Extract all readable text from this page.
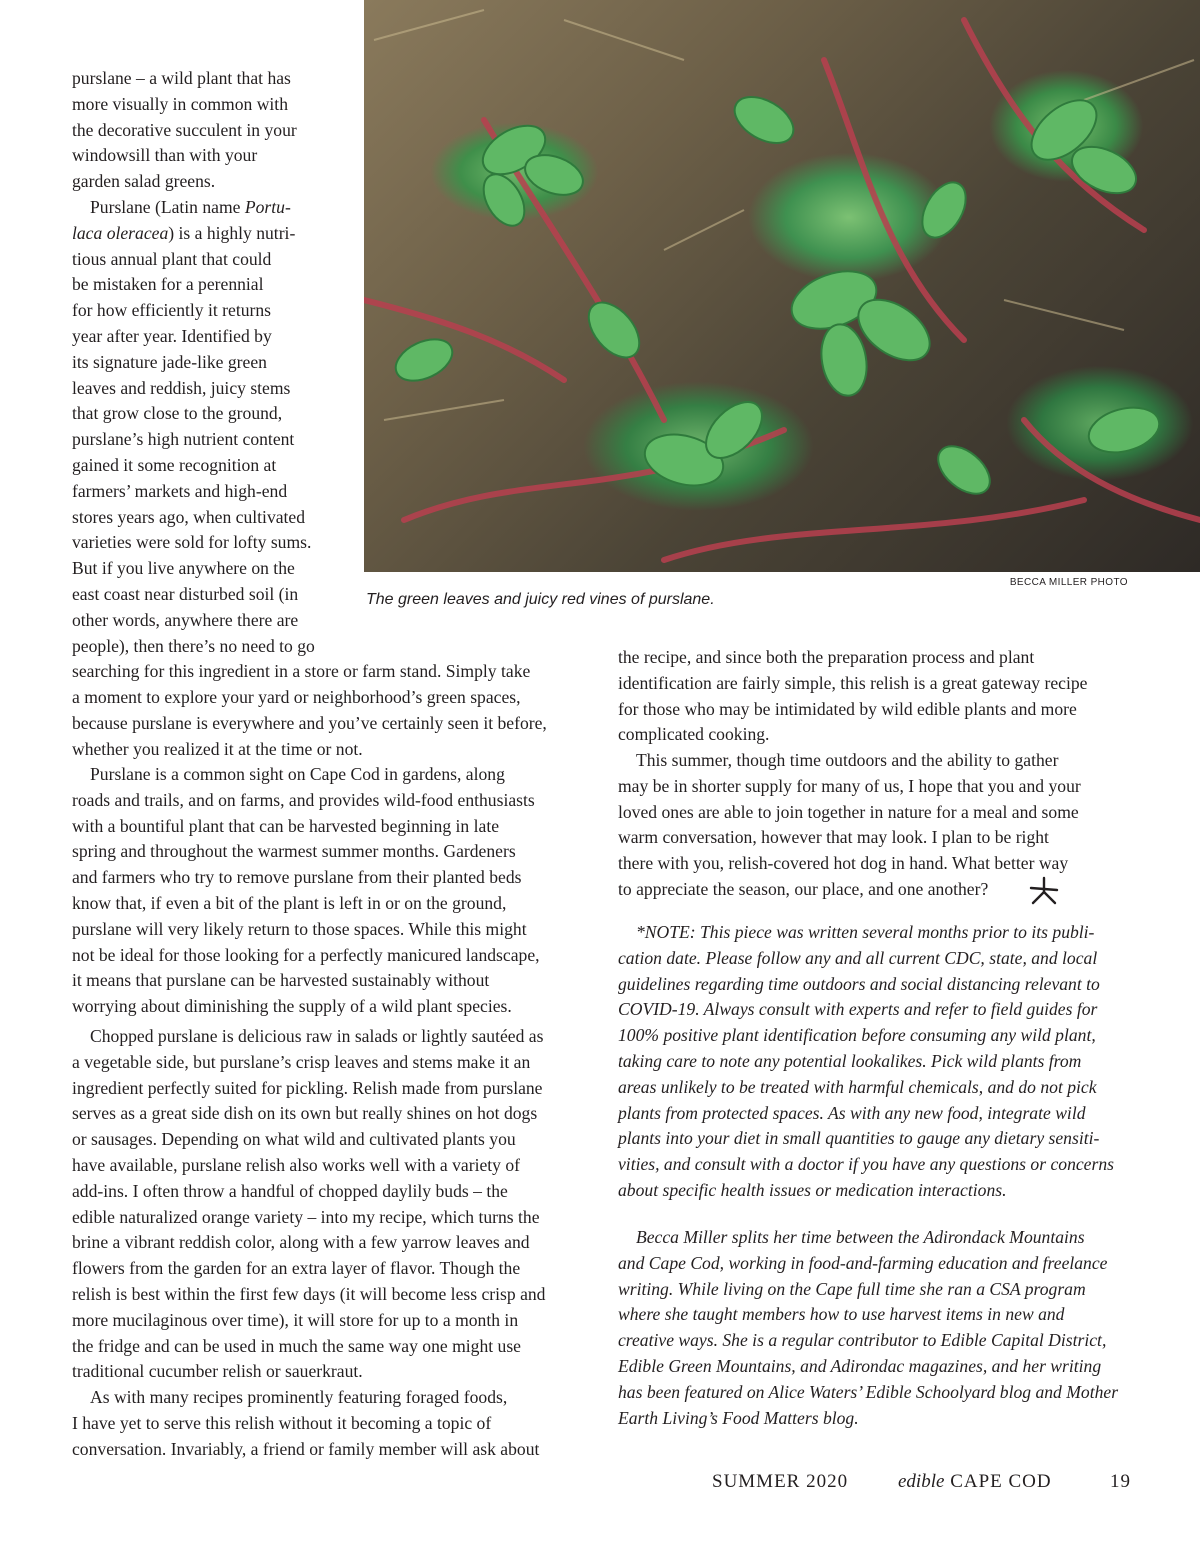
BECCA MILLER PHOTO

The green leaves and juicy red vines of purslane.

purslane – a wild plant that has
more visually in common with
the decorative succulent in your
windowsill than with your
garden salad greens.

Purslane (Latin name Portu-
laca oleracea) is a highly nutri-
tious annual plant that could
be mistaken for a perennial
for how efficiently it returns
year after year. Identified by
its signature jade-like green
leaves and reddish, juicy stems
that grow close to the ground,
purslane’s high nutrient content
gained it some recognition at
farmers’ markets and high-end
stores years ago, when cultivated
varieties were sold for lofty sums.
But if you live anywhere on the
east coast near disturbed soil (in
other words, anywhere there are
people), then there’s no need to go
searching for this ingredient in a store or farm stand. Simply take
a moment to explore your yard or neighborhood’s green spaces,
because purslane is everywhere and you’ve certainly seen it before,
whether you realized it at the time or not.

Purslane is a common sight on Cape Cod in gardens, along
roads and trails, and on farms, and provides wild-food enthusiasts
with a bountiful plant that can be harvested beginning in late
spring and throughout the warmest summer months. Gardeners
and farmers who try to remove purslane from their planted beds
know that, if even a bit of the plant is left in or on the ground,
purslane will very likely return to those spaces. While this might
not be ideal for those looking for a perfectly manicured landscape,
it means that purslane can be harvested sustainably without
worrying about diminishing the supply of a wild plant species.

Chopped purslane is delicious raw in salads or lightly sautéed as
a vegetable side, but purslane’s crisp leaves and stems make it an
ingredient perfectly suited for pickling. Relish made from purslane
serves as a great side dish on its own but really shines on hot dogs
or sausages. Depending on what wild and cultivated plants you
have available, purslane relish also works well with a variety of
add-ins. I often throw a handful of chopped daylily buds – the
edible naturalized orange variety – into my recipe, which turns the
brine a vibrant reddish color, along with a few yarrow leaves and
flowers from the garden for an extra layer of flavor. Though the
relish is best within the first few days (it will become less crisp and
more mucilaginous over time), it will store for up to a month in
the fridge and can be used in much the same way one might use
traditional cucumber relish or sauerkraut.

As with many recipes prominently featuring foraged foods,
I have yet to serve this relish without it becoming a topic of
conversation. Invariably, a friend or family member will ask about

the recipe, and since both the preparation process and plant
identification are fairly simple, this relish is a great gateway recipe
for those who may be intimidated by wild edible plants and more
complicated cooking.

This summer, though time outdoors and the ability to gather
may be in shorter supply for many of us, I hope that you and your
loved ones are able to join together in nature for a meal and some
warm conversation, however that may look. I plan to be right
there with you, relish-covered hot dog in hand. What better way
to appreciate the season, our place, and one another?

*NOTE: This piece was written several months prior to its publi-
cation date. Please follow any and all current CDC, state, and local
guidelines regarding time outdoors and social distancing relevant to
COVID-19. Always consult with experts and refer to field guides for
100% positive plant identification before consuming any wild plant,
taking care to note any potential lookalikes. Pick wild plants from
areas unlikely to be treated with harmful chemicals, and do not pick
plants from protected spaces. As with any new food, integrate wild
plants into your diet in small quantities to gauge any dietary sensiti-
vities, and consult with a doctor if you have any questions or concerns
about specific health issues or medication interactions.

Becca Miller splits her time between the Adirondack Mountains
and Cape Cod, working in food-and-farming education and freelance
writing. While living on the Cape full time she ran a CSA program
where she taught members how to use harvest items in new and
creative ways. She is a regular contributor to Edible Capital District,
Edible Green Mountains, and Adirondac magazines, and her writing
has been featured on Alice Waters’ Edible Schoolyard blog and Mother
Earth Living’s Food Matters blog.

SUMMER 2020	edible CAPE COD	19
